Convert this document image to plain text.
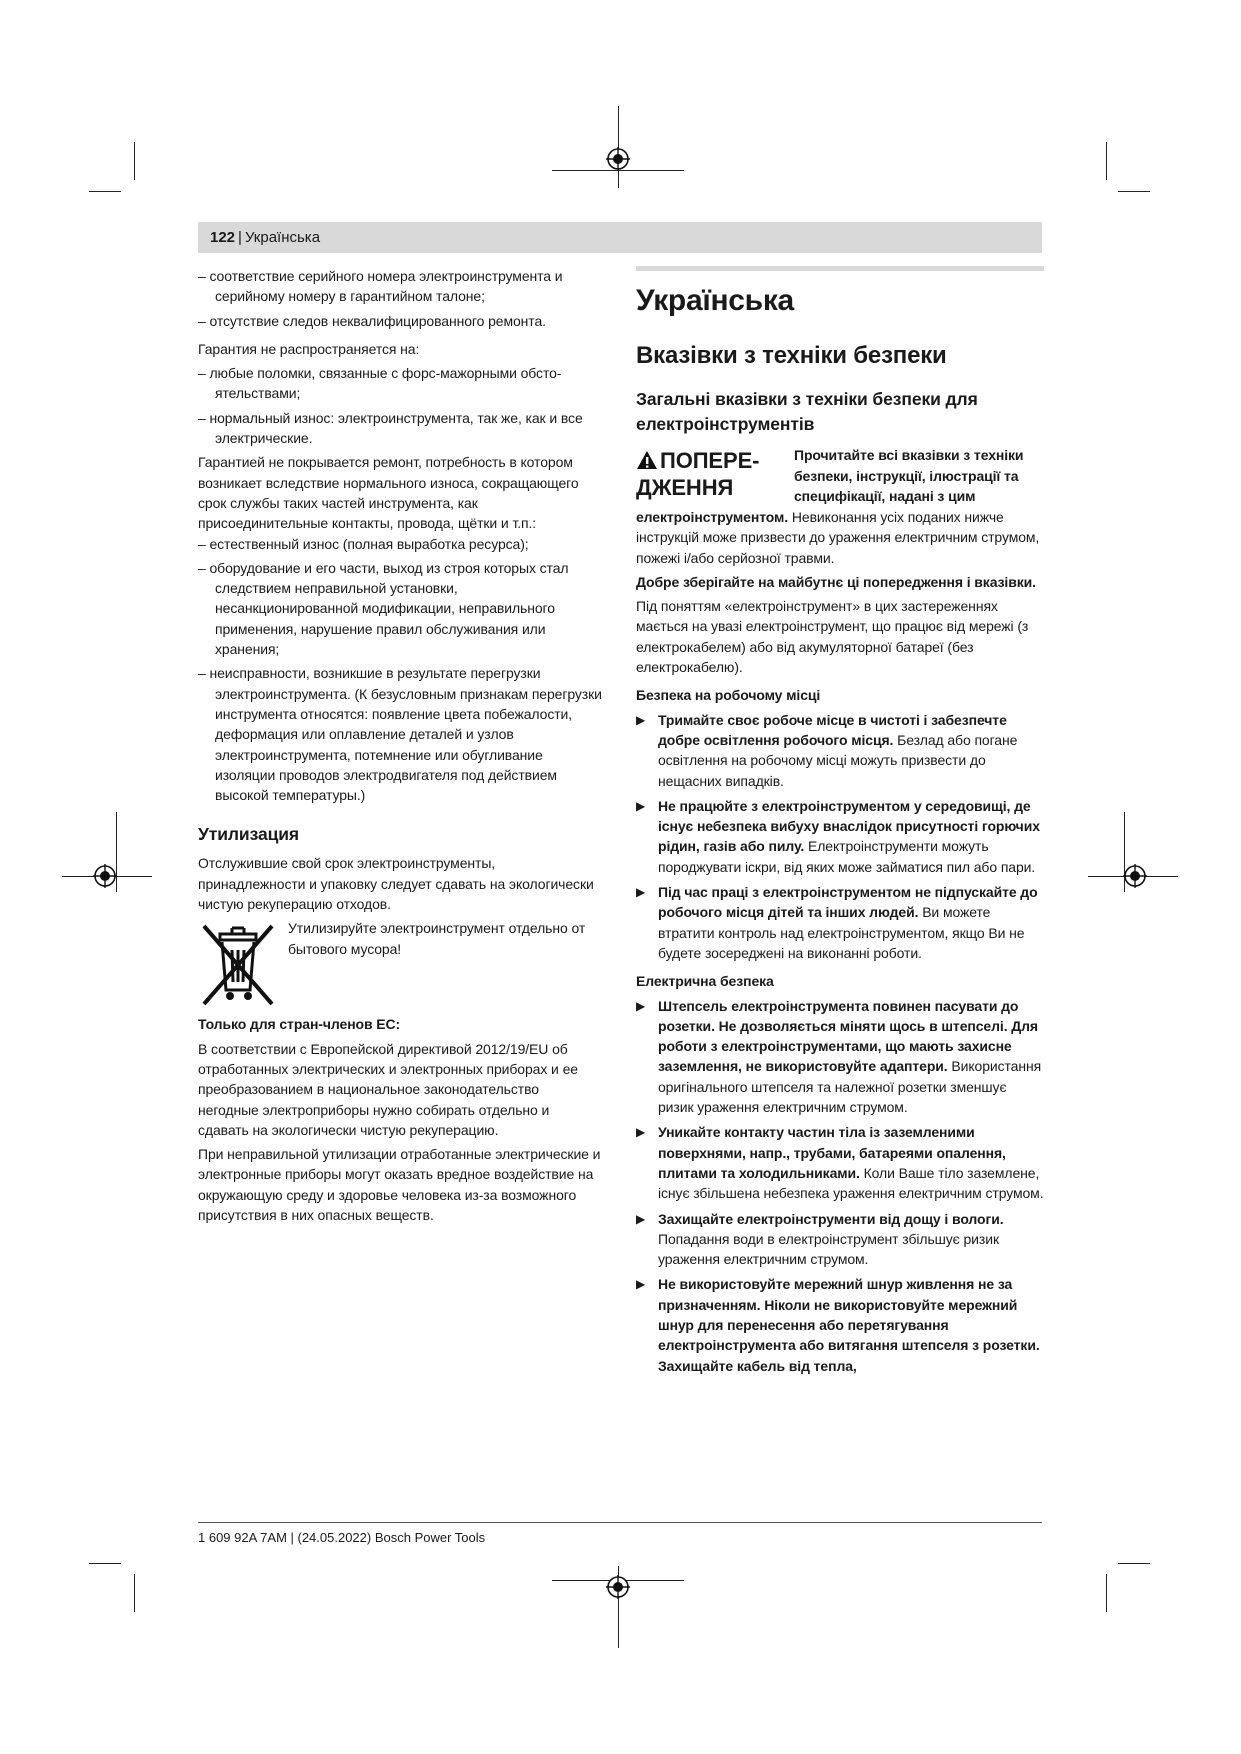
122 | Українська

– соответствие серийного номера электроинструмента и серийному номеру в гарантийном талоне;

– отсутствие следов неквалифицированного ремонта.

Гарантия не распространяется на:

– любые поломки, связанные с форс-мажорными обсто-ятельствами;

– нормальный износ: электроинструмента, так же, как и все электрические.

Гарантией не покрывается ремонт, потребность в котором возникает вследствие нормального износа, сокращающего срок службы таких частей инструмента, как присоединительные контакты, провода, щётки и т.п.:

– естественный износ (полная выработка ресурса);

– оборудование и его части, выход из строя которых стал следствием неправильной установки, несанкционированной модификации, неправильного применения, нарушение правил обслуживания или хранения;

– неисправности, возникшие в результате перегрузки электроинструмента. (К безусловным признакам перегрузки инструмента относятся: появление цвета побежалости, деформация или оплавление деталей и узлов электроинструмента, потемнение или обугливание изоляции проводов электродвигателя под действием высокой температуры.)

Утилизация

Отслужившие свой срок электроинструменты, принадлежности и упаковку следует сдавать на экологически чистую рекуперацию отходов.

Утилизируйте электроинструмент отдельно от бытового мусора!

Только для стран-членов ЕС:

В соответствии с Европейской директивой 2012/19/EU об отработанных электрических и электронных приборах и ее преобразованием в национальное законодательство негодные электроприборы нужно собирать отдельно и сдавать на экологически чистую рекуперацию.

При неправильной утилизации отработанные электрические и электронные приборы могут оказать вредное воздействие на окружающую среду и здоровье человека из-за возможного присутствия в них опасных веществ.

Українська
Вказівки з техніки безпеки
Загальні вказівки з техніки безпеки для електроінструментів
ПОПЕРЕ-ДЖЕННЯ
Прочитайте всі вказівки з техніки безпеки, інструкції, ілюстрації та специфікації, надані з цим

електроінструментом. Невиконання усіх поданих нижче інструкцій може призвести до ураження електричним струмом, пожежі і/або серйозної травми.

Добре зберігайте на майбутнє ці попередження і вказівки.

Під поняттям «електроінструмент» в цих застереженнях мається на увазі електроінструмент, що працює від мережі (з електрокабелем) або від акумуляторної батареї (без електрокабелю).

Безпека на робочому місці

▶ Тримайте своє робоче місце в чистоті і забезпечте добре освітлення робочого місця. Безлад або погане освітлення на робочому місці можуть призвести до нещасних випадків.
▶ Не працюйте з електроінструментом у середовищі, де існує небезпека вибуху внаслідок присутності горючих рідин, газів або пилу. Електроінструменти можуть породжувати іскри, від яких може займатися пил або пари.
▶ Під час праці з електроінструментом не підпускайте до робочого місця дітей та інших людей. Ви можете втратити контроль над електроінструментом, якщо Ви не будете зосереджені на виконанні роботи.

Електрична безпека

▶ Штепсель електроінструмента повинен пасувати до розетки. Не дозволяється міняти щось в штепселі. Для роботи з електроінструментами, що мають захисне заземлення, не використовуйте адаптери. Використання оригінального штепселя та належної розетки зменшує ризик ураження електричним струмом.
▶ Уникайте контакту частин тіла із заземленими поверхнями, напр., трубами, батареями опалення, плитами та холодильниками. Коли Ваше тіло заземлене, існує збільшена небезпека ураження електричним струмом.
▶ Захищайте електроінструменти від дощу і вологи. Попадання води в електроінструмент збільшує ризик ураження електричним струмом.
▶ Не використовуйте мережний шнур живлення не за призначенням. Ніколи не використовуйте мережний шнур для перенесення або перетягування електроінструмента або витягання штепселя з розетки. Захищайте кабель від тепла,
1 609 92A 7AM | (24.05.2022) Bosch Power Tools
